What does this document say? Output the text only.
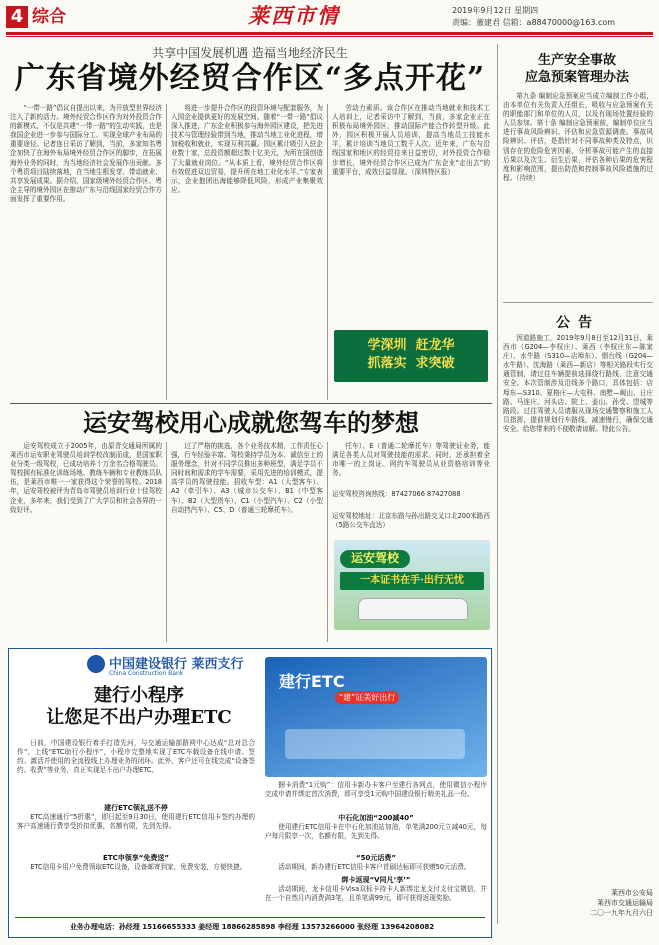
4 综合	莱西市情	2019年9月12日 星期四
责编：董建君 信箱：a88470000@163.com
共享中国发展机遇 造福当地经济民生
广东省境外经贸合作区“多点开花”

“一带一路”倡议自提出以来，为开放型世界经济注入了新的活力。境外经贸合作区作为对外投资合作的新模式，不仅是共建“一带一路”的生动实践，也是我国企业进一步参与国际分工、实现全球产业布局的重要途径。记者连日采访了解到，当前，多家知名粤企加快了在海外布局境外经贸合作区的脚步，在拓展海外业务的同时，为当地经济社会发展作出贡献。多个粤资项目陆续落地，在当地生根发芽、带动就业、共享发展成果。据介绍，国家级境外经贸合作区、粤企主导的境外园区在推动广东与沿线国家经贸合作方面发挥了重要作用。

将进一步提升合作区的投资环境与配套服务，为入园企业提供更好的发展空间。随着“一带一路”倡议深入推进，广东企业积极参与海外园区建设，把先进技术与管理经验带到当地，推动当地工业化进程，增加税收和就业，实现互利共赢。园区累计吸引入驻企业数十家，总投资额超过数十亿美元，为所在国创造了大量就业岗位。“从本质上看，境外经贸合作区将有效促进双边贸易，提升所在地工业化水平。”专家表示，企业抱团出海能够降低风险，形成产业集聚效应。

劳动力素质。该合作区在推动当地就业和技术工人培训上，记者采访中了解到，当前，多家企业正在积极布局境外园区，推动国际产能合作转型升级。此外，园区积极开展人员培训，提高当地员工技能水平，累计培训当地员工数千人次。近年来，广东与沿线国家和地区的经贸往来日益密切，对外投资合作稳步增长，境外经贸合作区已成为广东企业“走出去”的重要平台，成效日益显现。（深圳特区报）

学深圳 赶龙华
抓落实 求突破
生产安全事故
应急预案管理办法

第九条 编制应急预案应当成立编制工作小组，由本单位有关负责人任组长，吸收与应急预案有关的职能部门和单位的人员，以及有现场处置经验的人员参加。第十条 编制应急预案前，编制单位应当进行事故风险辨识、评估和应急资源调查。事故风险辨识、评估，是指针对不同事故种类及特点，识别存在的危险危害因素，分析事故可能产生的直接后果以及次生、衍生后果，评估各种后果的危害程度和影响范围，提出防范和控制事故风险措施的过程。（待续）

公告

因道路施工，2019年9月8日至12月31日，莱西市（G204—李权庄）、莱西（李权庄东—陈家庄）、水牛路（S310—店埠东）、烟台线（G204—水牛路）、沈海路（莱西—新店）等相关路段实行交通管制，请过往车辆提前选择绕行路线，注意交通安全。本次管制涉及沿线多个路口，具体包括：店埠东—S310、夏格庄—大屯科、南墅—岘山、日庄路、马连庄、河头店、院上、姜山、孙受、望城等路段。过往驾驶人员请服从现场交通警察和施工人员指挥，提前规划行车路线，减速慢行，确保交通安全。给您带来的不便敬请谅解。特此公告。

莱西市公安局
莱西市交通运输局
二〇一九年九月六日
运安驾校用心成就您驾车的梦想

运安驾校成立于2005年，由原青交通局所属的莱西市运安职业驾驶员培训学校改制而成，是国家职业分类一级驾校，已成功培养十万余名合格驾驶员。驾校拥有标准化训练场地、教练车辆和专业教练员队伍，是莱西市唯一一家获得这个荣誉的驾校。2018年，运安驾校被评为青岛市驾驶员培训行业十佳驾校企业，多年来，我们受到了广大学员和社会各界的一致好评。

过了严格的挑选，各个业务技术精，工作责任心强，行车经验丰富。驾校秉持学员为本、诚信至上的服务理念，针对不同学员推出多种班型，满足学员不同时间和需求的学车需要，采用先进的培训模式，提高学员的驾驶技能。招收车型：A1（大型客车）、A2（牵引车）、A3（城市公交车）、B1（中型客车）、B2（大型货车）、C1（小型汽车）、C2（小型自动挡汽车）、C5、D（普通三轮摩托车）。

托车）、E（普通二轮摩托车）等驾驶证业务，能满足各类人员对驾驶技能的需求。同时，还承担着全市唯一的上岗证、网约车驾驶员从业资格培训等业务。

运安驾校咨询热线：87427066 87427088
运安驾校地址：北京东路与孙出路交叉口北200米路西（5路公交车直达）
运安驾校
一本证书在手·出行无忧
中国建设银行 莱西支行
China Construction Bank
建行小程序
让您足不出户办理ETC
建行ETC
“建”证美好出行

日前，中国建设银行着手打造先河，与交通运输部路网中心达成“总对总合作”，上线“ETC助行小程序”，小程序完整地实现了ETC车载设备在线申请、签约、激活并使用的全流程线上办理业务的闭环。此外，客户还可在线完成“设备签约、收费”等业务，真正实现足不出户办理ETC。

建行ETC领礼送不停

ETC高速通行“5折惠”，即日起至9月30日，使用建行ETC信用卡签约办理的客户高速通行费享受折扣优惠，名额有限，先到先得。

ETC申领享“免费送”

ETC信用卡用户免费领取ETC设备，设备邮寄到家，免费安装，方便快捷。

捆卡消费“1元购”：信用卡新办卡客户至建行各网点，使用微信小程序完成申请并绑定首次消费，即可享受1元购中国建设银行精美礼品一份。

中石化加油“200减40”

使用建行ETC信用卡在中石化加油站加油，单笔满200元立减40元，每户每月限享一次，名额有限，先到先得。

“50元话费”

活动期间，新办建行ETC信用卡客户首刷达标即可获赠50元话费。

绑卡返现“V同凡‘享’”

活动期间，龙卡信用卡Visa双标卡持卡人新绑定龙支付支付宝微信，并在一个自然月内消费满3笔，且单笔满99元，即可获得返现奖励。

业务办理电话：孙经理 15166655333 姜经理 18866285898 李经理 13573266000 张经理 13964208082
